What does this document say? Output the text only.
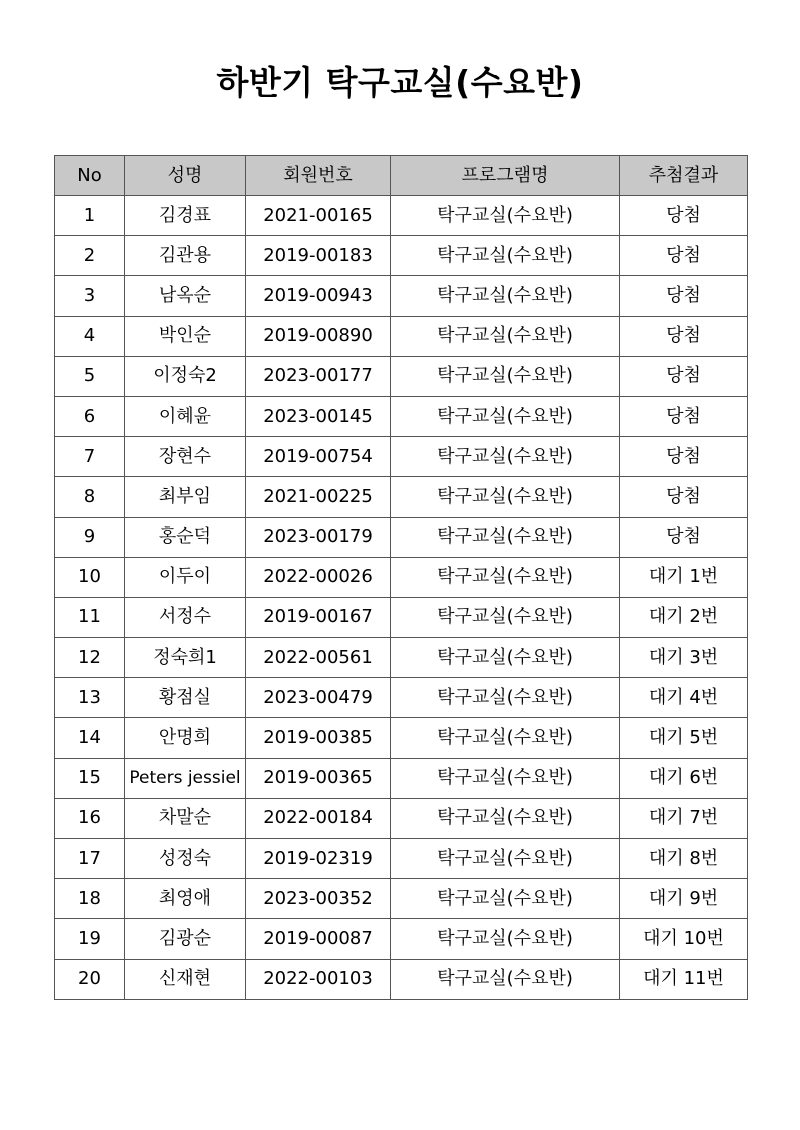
하반기 탁구교실(수요반)
No	성명	회원번호	프로그램명	추첨결과
1	김경표	2021-00165	탁구교실(수요반)	당첨
2	김관용	2019-00183	탁구교실(수요반)	당첨
3	남옥순	2019-00943	탁구교실(수요반)	당첨
4	박인순	2019-00890	탁구교실(수요반)	당첨
5	이정숙2	2023-00177	탁구교실(수요반)	당첨
6	이혜윤	2023-00145	탁구교실(수요반)	당첨
7	장현수	2019-00754	탁구교실(수요반)	당첨
8	최부임	2021-00225	탁구교실(수요반)	당첨
9	홍순덕	2023-00179	탁구교실(수요반)	당첨
10	이두이	2022-00026	탁구교실(수요반)	대기 1번
11	서정수	2019-00167	탁구교실(수요반)	대기 2번
12	정숙희1	2022-00561	탁구교실(수요반)	대기 3번
13	황점실	2023-00479	탁구교실(수요반)	대기 4번
14	안명희	2019-00385	탁구교실(수요반)	대기 5번
15	Peters jessiel	2019-00365	탁구교실(수요반)	대기 6번
16	차말순	2022-00184	탁구교실(수요반)	대기 7번
17	성정숙	2019-02319	탁구교실(수요반)	대기 8번
18	최영애	2023-00352	탁구교실(수요반)	대기 9번
19	김광순	2019-00087	탁구교실(수요반)	대기 10번
20	신재현	2022-00103	탁구교실(수요반)	대기 11번
